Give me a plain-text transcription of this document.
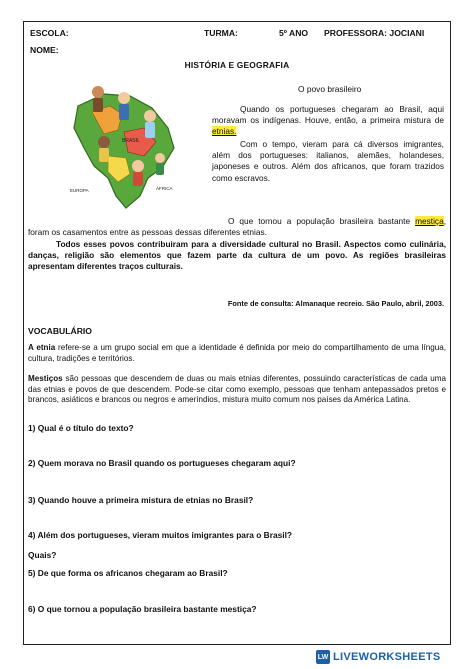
ESCOLA:	TURMA:	5º ANO PROFESSORA: JOCIANI
NOME:
HISTÓRIA E GEOGRAFIA
BRASIL
ÁFRICA
EUROPA
O povo brasileiro
Quando os portugueses chegaram ao Brasil, aqui moravam os indígenas. Houve, então, a primeira mistura de etnias.
Com o tempo, vieram para cá diversos imigrantes, além dos portugueses: italianos, alemães, holandeses, japoneses e outros. Além dos africanos, que foram trazidos como escravos.
O que tornou a população brasileira bastante mestiça, foram os casamentos entre as pessoas dessas diferentes etnias.
Todos esses povos contribuiram para a diversidade cultural no Brasil. Aspectos como culinária, danças, religião são elementos que fazem parte da cultura de um povo. As regiões brasileiras apresentam diferentes traços culturais.
Fonte de consulta: Almanaque recreio. São Paulo, abril, 2003.
VOCABULÁRIO
A etnia refere-se a um grupo social em que a identidade é definida por meio do compartilhamento de uma língua, cultura, tradições e territórios.
Mestiços são pessoas que descendem de duas ou mais etnias diferentes, possuindo características de cada uma das etnias e povos de que descendem. Pode-se citar como exemplo, pessoas que tenham antepassados pretos e brancos, asiáticos e brancos ou negros e ameríndios, mistura muito comum nos países da América Latina.
1) Qual é o título do texto?
2) Quem morava no Brasil quando os portugueses chegaram aqui?
3) Quando houve a primeira mistura de etnias no Brasil?
4) Além dos portugueses, vieram muitos imigrantes para o Brasil?
Quais?
5) De que forma os africanos chegaram ao Brasil?
6) O que tornou a população brasileira bastante mestiça?
LW LIVEWORKSHEETS
